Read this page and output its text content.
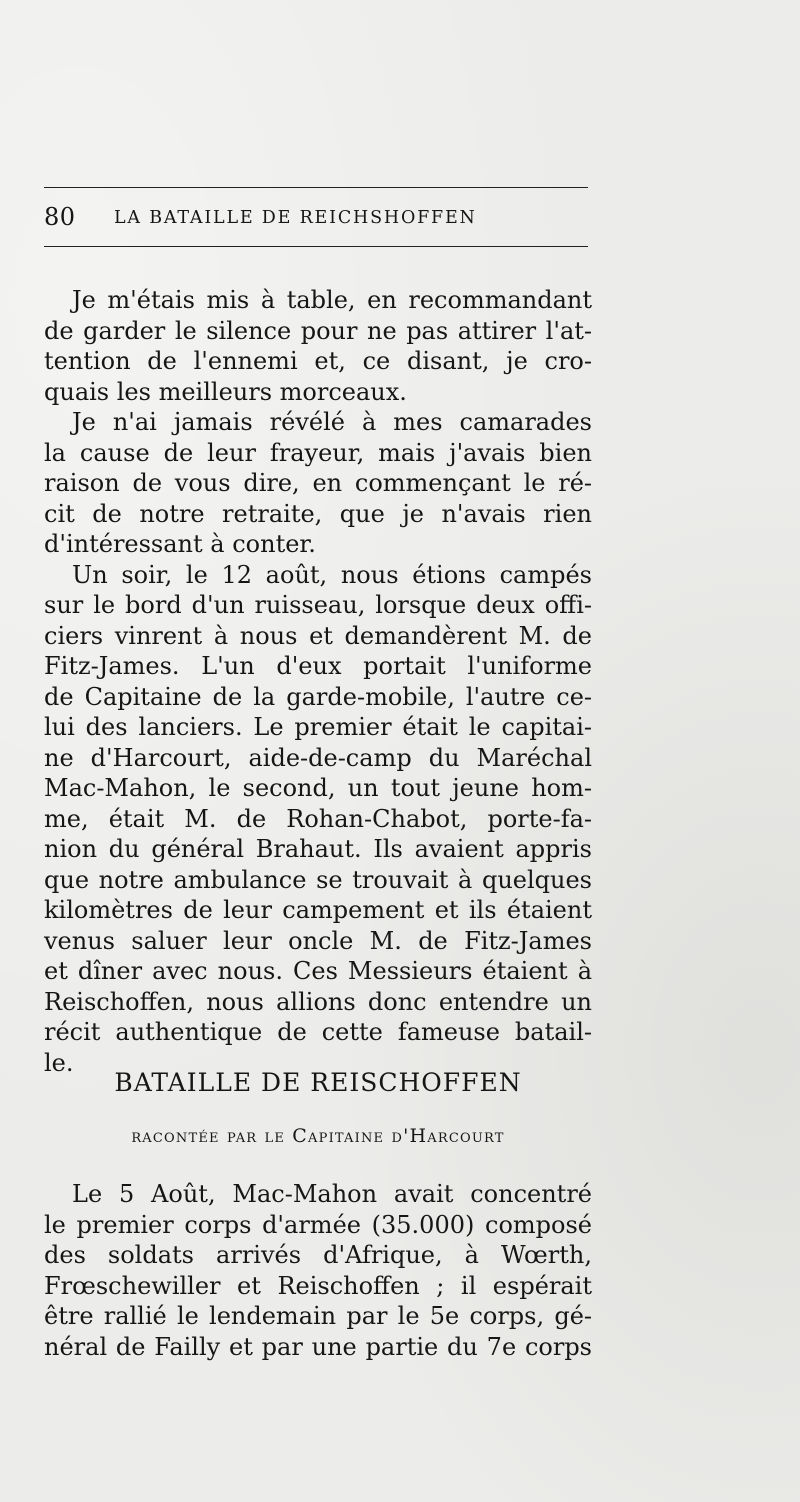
80 LA BATAILLE DE REICHSHOFFEN
Je m'étais mis à table, en recommandant
de garder le silence pour ne pas attirer l'at-
tention de l'ennemi et, ce disant, je cro-
quais les meilleurs morceaux.
Je n'ai jamais révélé à mes camarades
la cause de leur frayeur, mais j'avais bien
raison de vous dire, en commençant le ré-
cit de notre retraite, que je n'avais rien
d'intéressant à conter.
Un soir, le 12 août, nous étions campés
sur le bord d'un ruisseau, lorsque deux offi-
ciers vinrent à nous et demandèrent M. de
Fitz-James. L'un d'eux portait l'uniforme
de Capitaine de la garde-mobile, l'autre ce-
lui des lanciers. Le premier était le capitai-
ne d'Harcourt, aide-de-camp du Maréchal
Mac-Mahon, le second, un tout jeune hom-
me, était M. de Rohan-Chabot, porte-fa-
nion du général Brahaut. Ils avaient appris
que notre ambulance se trouvait à quelques
kilomètres de leur campement et ils étaient
venus saluer leur oncle M. de Fitz-James
et dîner avec nous. Ces Messieurs étaient à
Reischoffen, nous allions donc entendre un
récit authentique de cette fameuse batail-
le.
BATAILLE DE REISCHOFFEN
racontée par le Capitaine d'Harcourt
Le 5 Août, Mac-Mahon avait concentré
le premier corps d'armée (35.000) composé
des soldats arrivés d'Afrique, à Wœrth,
Frœschewiller et Reischoffen ; il espérait
être rallié le lendemain par le 5e corps, gé-
néral de Failly et par une partie du 7e corps
